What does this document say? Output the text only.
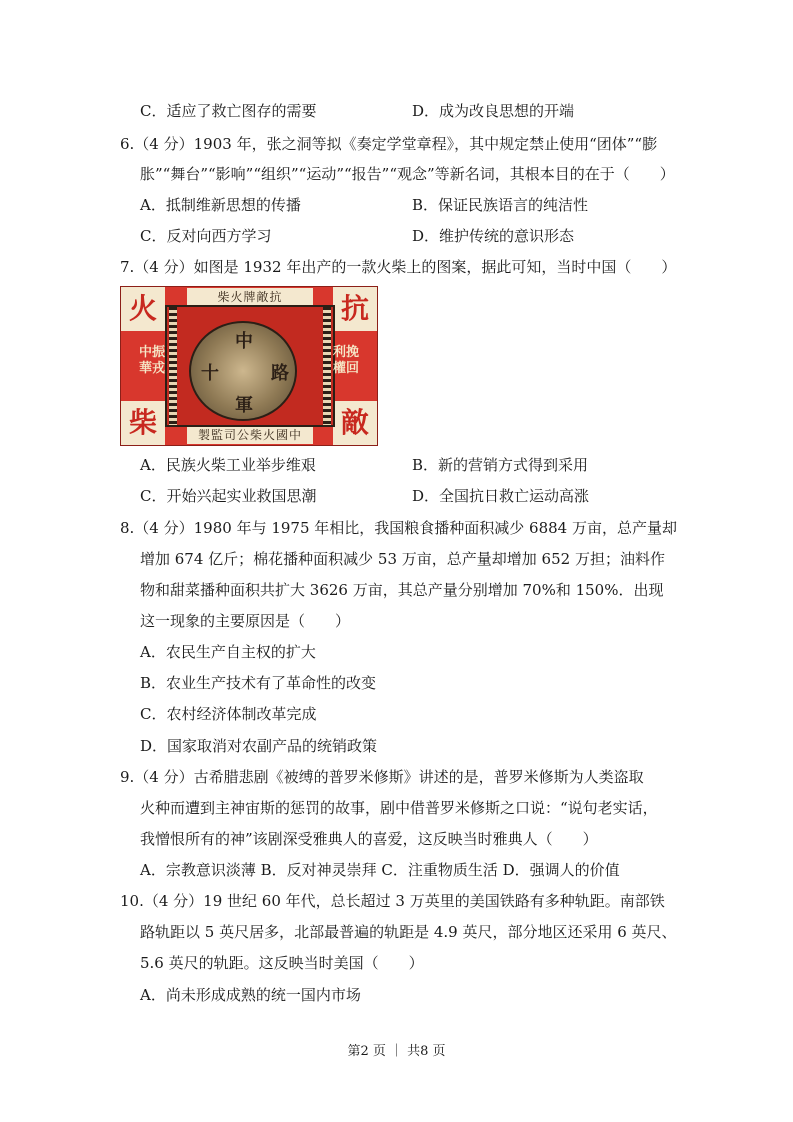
C．适应了救亡图存的需要	D．成为改良思想的开端
6.（4 分）1903 年，张之洞等拟《奏定学堂章程》，其中规定禁止使用“团体”“膨
胀”“舞台”“影响”“组织”“运动”“报告”“观念”等新名词，其根本目的在于（　　）
A．抵制维新思想的传播	B．保证民族语言的纯洁性
C．反对向西方学习	D．维护传统的意识形态
7.（4 分）如图是 1932 年出产的一款火柴上的图案，据此可知，当时中国（　　）
火	抗
柴	敵
柴火牌敵抗
製監司公柴火國中
中振
華戎
利挽
權回
中
十	路
軍
A．民族火柴工业举步维艰	B．新的营销方式得到采用
C．开始兴起实业救国思潮	D．全国抗日救亡运动高涨
8.（4 分）1980 年与 1975 年相比，我国粮食播种面积减少 6884 万亩，总产量却
增加 674 亿斤；棉花播种面积减少 53 万亩，总产量却增加 652 万担；油料作
物和甜菜播种面积共扩大 3626 万亩，其总产量分别增加 70%和 150%．出现
这一现象的主要原因是（　　）
A．农民生产自主权的扩大
B．农业生产技术有了革命性的改变
C．农村经济体制改革完成
D．国家取消对农副产品的统销政策
9.（4 分）古希腊悲剧《被缚的普罗米修斯》讲述的是，普罗米修斯为人类盗取
火种而遭到主神宙斯的惩罚的故事，剧中借普罗米修斯之口说：“说句老实话，
我憎恨所有的神”该剧深受雅典人的喜爱，这反映当时雅典人（　　）
A．宗教意识淡薄 B．反对神灵崇拜 C．注重物质生活 D．强调人的价值
10.（4 分）19 世纪 60 年代，总长超过 3 万英里的美国铁路有多种轨距。南部铁
路轨距以 5 英尺居多，北部最普遍的轨距是 4.9 英尺，部分地区还采用 6 英尺、
5.6 英尺的轨距。这反映当时美国（　　）
A．尚未形成成熟的统一国内市场
第2 页 ｜ 共8 页
